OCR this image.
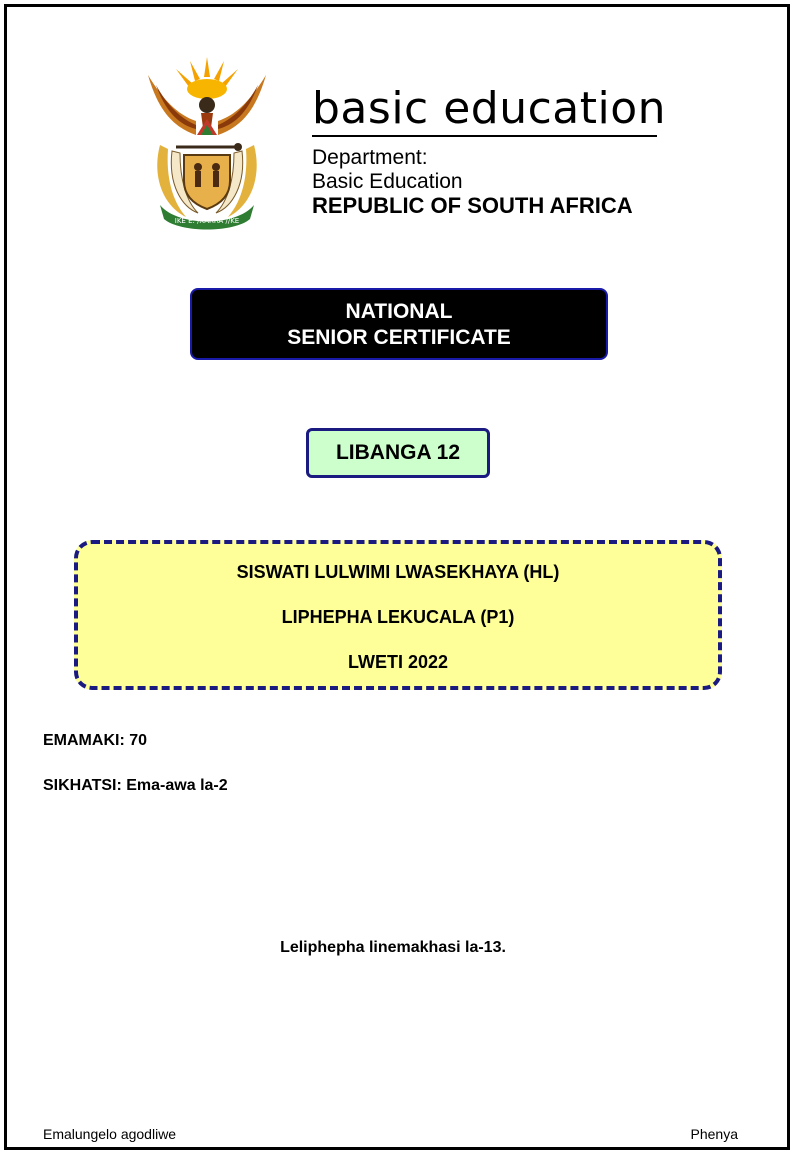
IKE E: /XARRA //KE
basic education
Department:
Basic Education
REPUBLIC OF SOUTH AFRICA
NATIONAL
SENIOR CERTIFICATE
LIBANGA 12
SISWATI LULWIMI LWASEKHAYA (HL)
LIPHEPHA LEKUCALA (P1)
LWETI 2022
EMAMAKI: 70
SIKHATSI: Ema-awa la-2
Leliphepha linemakhasi la-13.
Emalungelo agodliwe	Phenya
